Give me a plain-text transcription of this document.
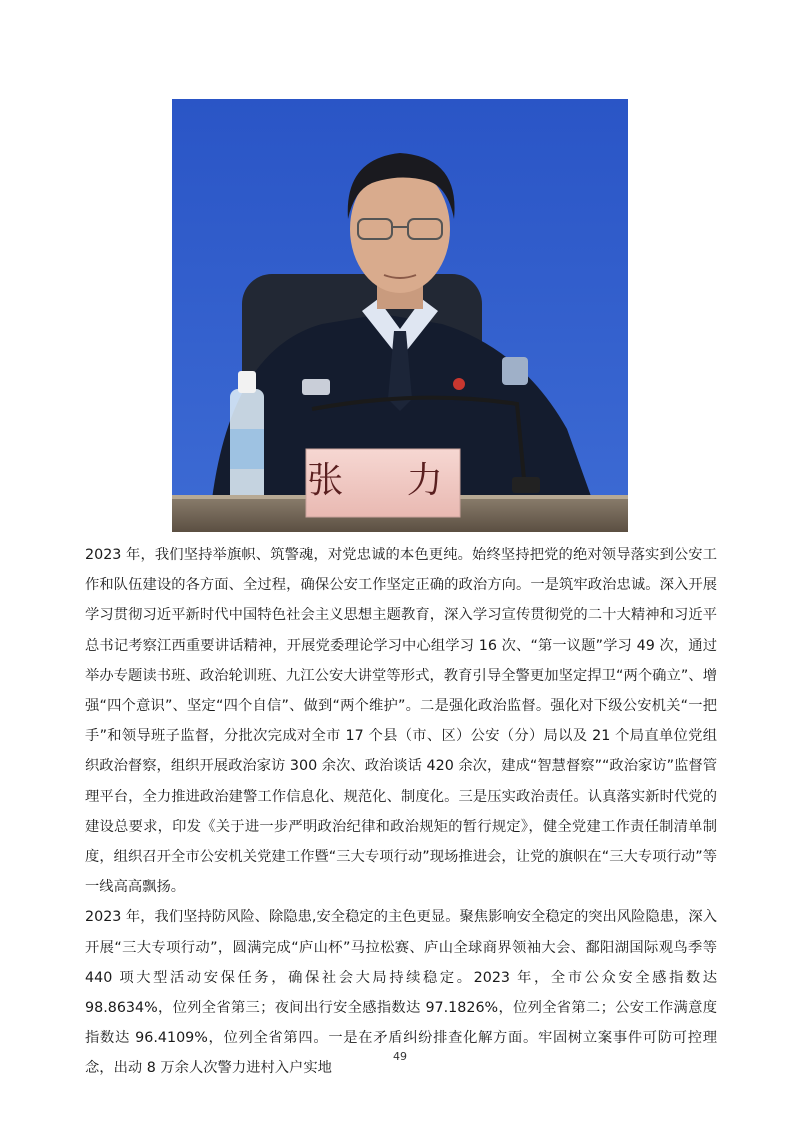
张 力

2023 年，我们坚持举旗帜、筑警魂，对党忠诚的本色更纯。始终坚持把党的绝对领导落实到公安工作和队伍建设的各方面、全过程，确保公安工作坚定正确的政治方向。一是筑牢政治忠诚。深入开展学习贯彻习近平新时代中国特色社会主义思想主题教育，深入学习宣传贯彻党的二十大精神和习近平总书记考察江西重要讲话精神，开展党委理论学习中心组学习 16 次、“第一议题”学习 49 次，通过举办专题读书班、政治轮训班、九江公安大讲堂等形式，教育引导全警更加坚定捍卫“两个确立”、增强“四个意识”、坚定“四个自信”、做到“两个维护”。二是强化政治监督。强化对下级公安机关“一把手”和领导班子监督，分批次完成对全市 17 个县（市、区）公安（分）局以及 21 个局直单位党组织政治督察，组织开展政治家访 300 余次、政治谈话 420 余次，建成“智慧督察”“政治家访”监督管理平台，全力推进政治建警工作信息化、规范化、制度化。三是压实政治责任。认真落实新时代党的建设总要求，印发《关于进一步严明政治纪律和政治规矩的暂行规定》，健全党建工作责任制清单制度，组织召开全市公安机关党建工作暨“三大专项行动”现场推进会，让党的旗帜在“三大专项行动”等一线高高飘扬。

2023 年，我们坚持防风险、除隐患,安全稳定的主色更显。聚焦影响安全稳定的突出风险隐患，深入开展“三大专项行动”，圆满完成“庐山杯”马拉松赛、庐山全球商界领袖大会、鄱阳湖国际观鸟季等 440 项大型活动安保任务，确保社会大局持续稳定。2023 年，全市公众安全感指数达 98.8634%，位列全省第三；夜间出行安全感指数达 97.1826%，位列全省第二；公安工作满意度指数达 96.4109%，位列全省第四。一是在矛盾纠纷排查化解方面。牢固树立案事件可防可控理念，出动 8 万余人次警力进村入户实地

49
